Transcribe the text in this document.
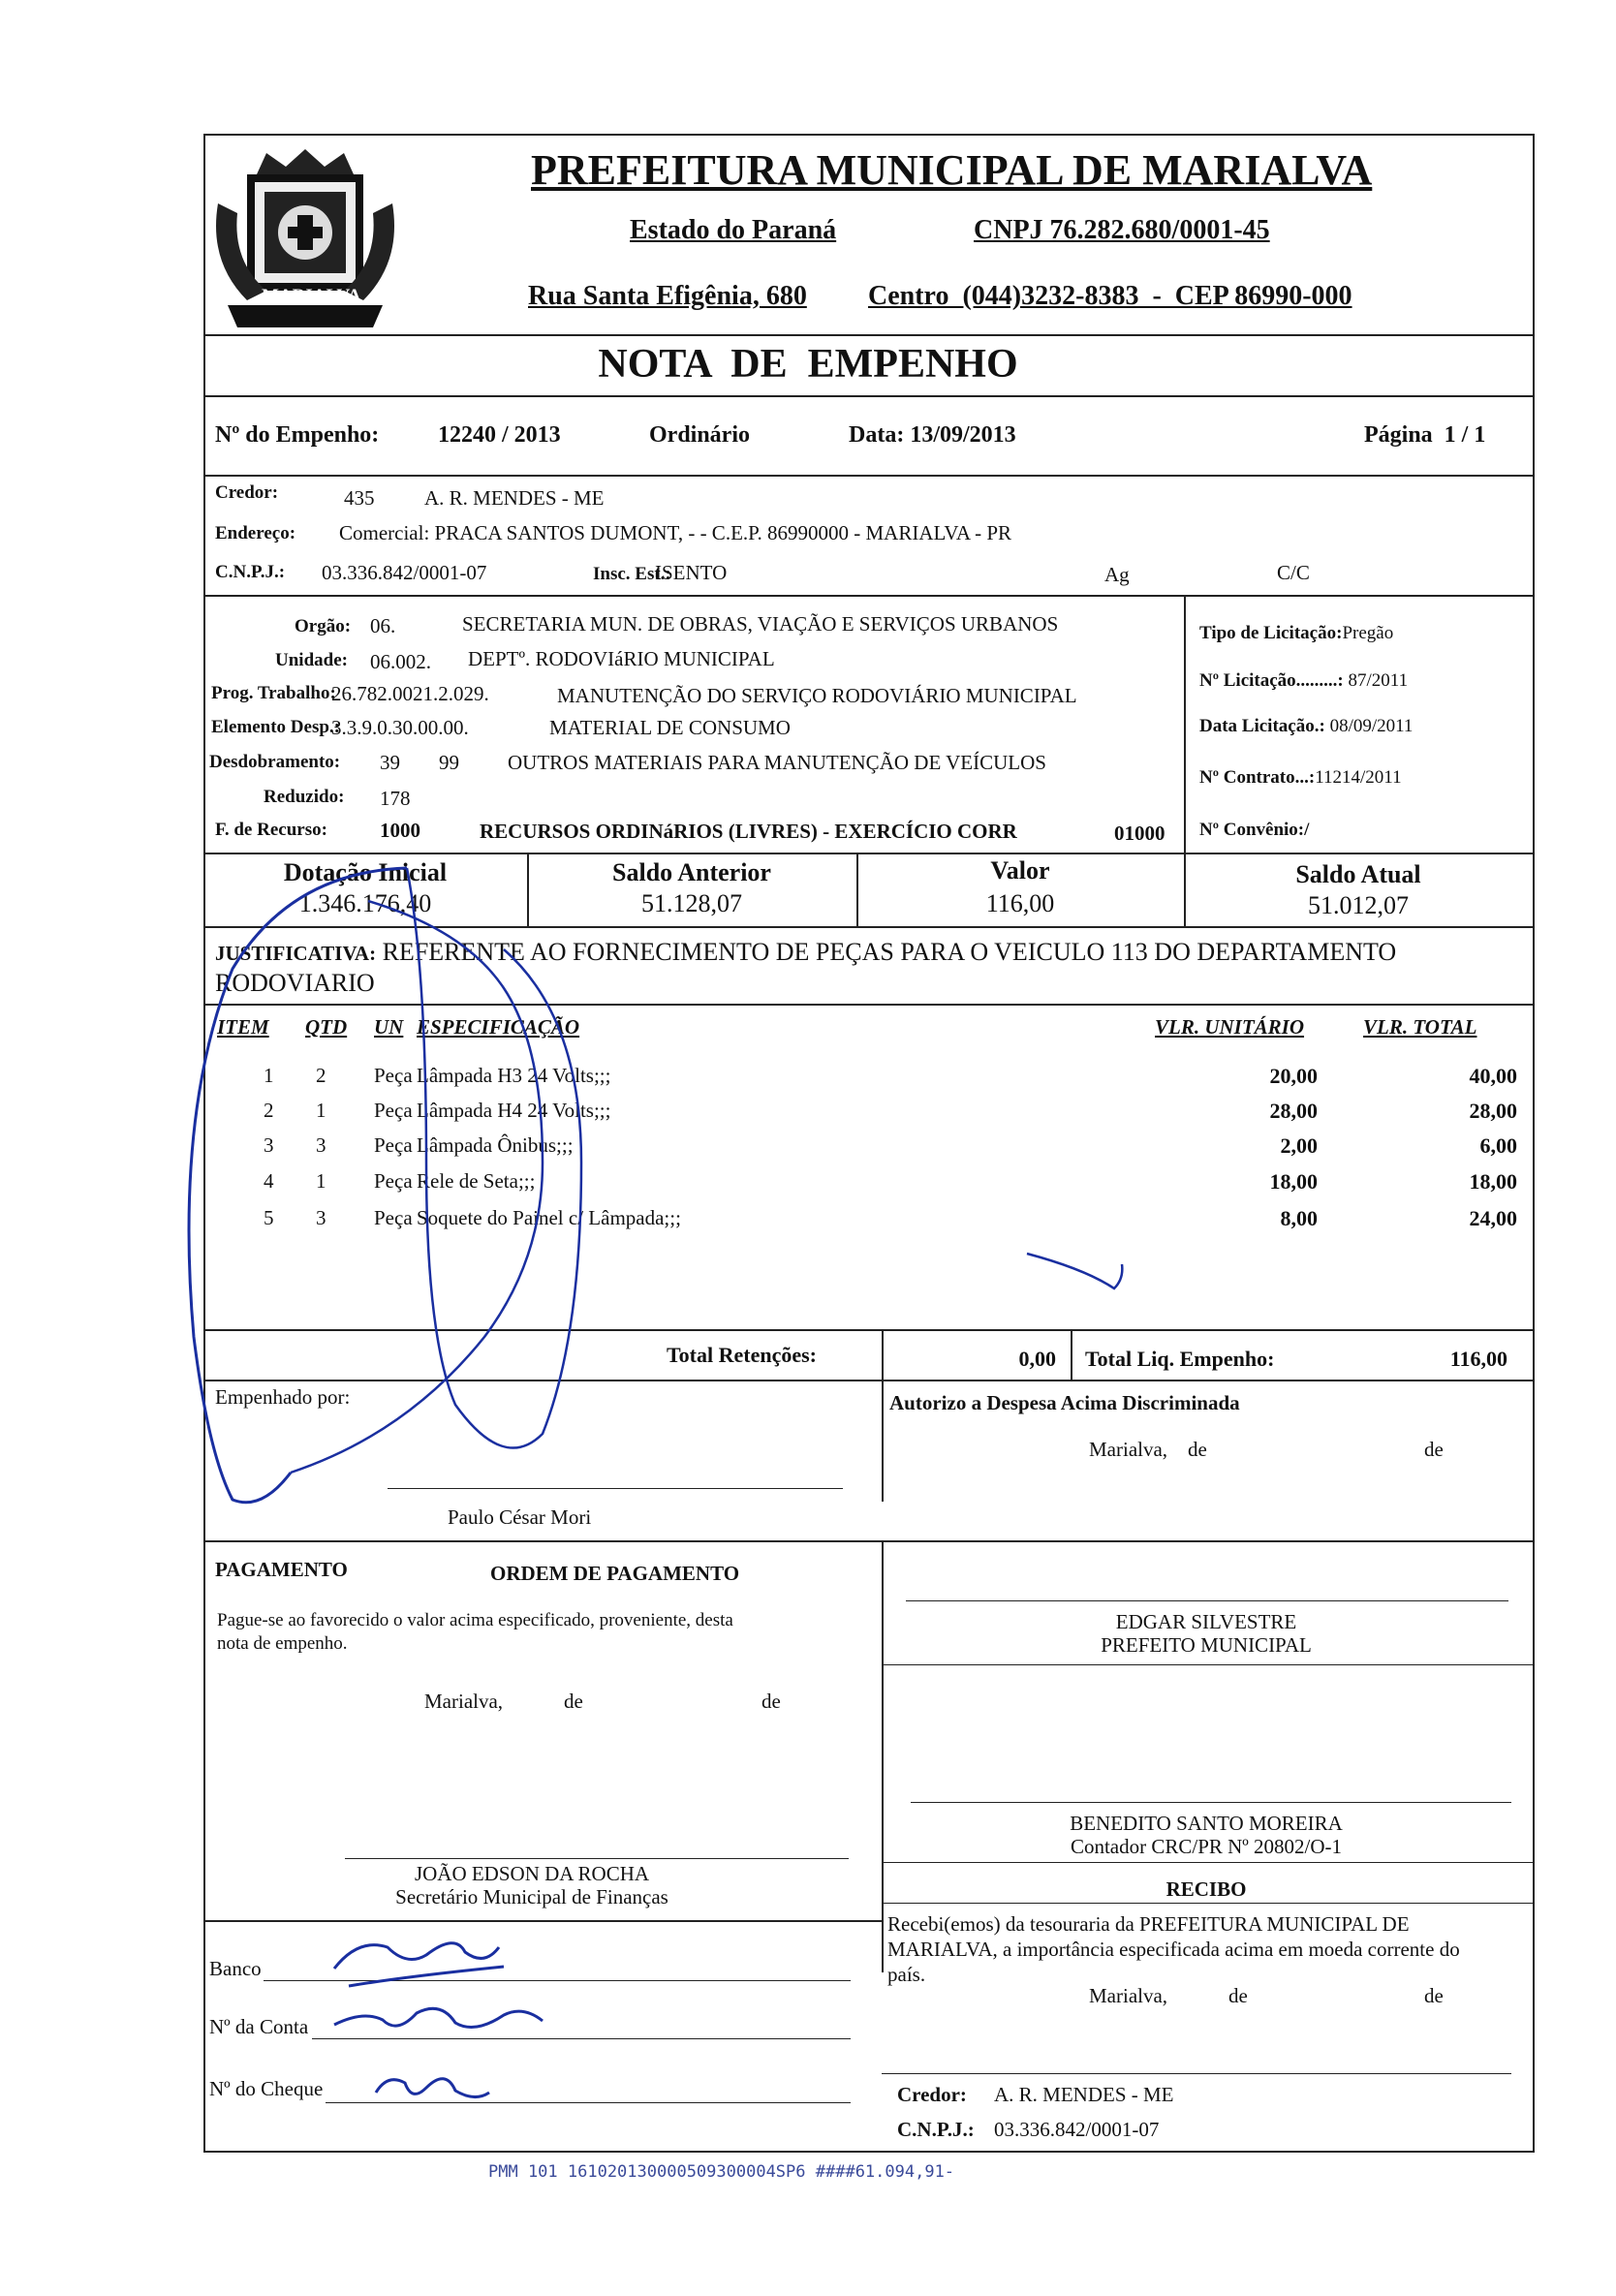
MARIALVA
PREFEITURA MUNICIPAL DE MARIALVA
Estado do Paraná	CNPJ 76.282.680/0001-45
Rua Santa Efigênia, 680 Centro  (044)3232-8383  -  CEP 86990-000
NOTA  DE  EMPENHO
Nº do Empenho:	12240 / 2013	Ordinário	Data: 13/09/2013	Página  1 / 1
Credor:	435 A. R. MENDES - ME
Endereço: Comercial: PRACA SANTOS DUMONT, - - C.E.P. 86990000 - MARIALVA - PR
C.N.P.J.: 03.336.842/0001-07	Insc. Est.:
ISENTO	Ag	C/C
Orgão: 06.	SECRETARIA MUN. DE OBRAS, VIAÇÃO E SERVIÇOS URBANOS
Unidade: 06.002. DEPTº. RODOVIáRIO MUNICIPAL
Prog. Trabalho:
26.782.0021.2.029.	MANUTENÇÃO DO SERVIÇO RODOVIÁRIO MUNICIPAL
Elemento Desp.:
3.3.9.0.30.00.00.	MATERIAL DE CONSUMO
Desdobramento: 39 99 OUTROS MATERIAIS PARA MANUTENÇÃO DE VEÍCULOS
Reduzido: 178
F. de Recurso:	1000	RECURSOS ORDINáRIOS (LIVRES) - EXERCÍCIO CORR	01000
Tipo de Licitação:Pregão
Nº Licitação.........: 87/2011
Data Licitação.: 08/09/2011
Nº Contrato...:11214/2011
Nº Convênio:/
Dotação Inicial
1.346.176,40
Saldo Anterior
51.128,07
Valor
116,00
Saldo Atual
51.012,07
JUSTIFICATIVA: REFERENTE AO FORNECIMENTO DE PEÇAS PARA O VEICULO 113 DO DEPARTAMENTO
RODOVIARIO
ITEM QTD UN ESPECIFICAÇÃO	VLR. UNITÁRIO	VLR. TOTAL
1 2 Peça Lâmpada H3 24 Volts;;;	20,00	40,00
2 1 Peça Lâmpada H4 24 Volts;;;	28,00	28,00
3 3 Peça Lâmpada Ônibus;;;	2,00	6,00
4 1 Peça Rele de Seta;;;	18,00	18,00
5 3 Peça Soquete do Painel c/ Lâmpada;;;	8,00	24,00
Total Retenções:	0,00 Total Liq. Empenho:	116,00
Empenhado por:	Autorizo a Despesa Acima Discriminada
Marialva, de	de
Paulo César Mori
PAGAMENTO	ORDEM DE PAGAMENTO
Pague-se ao favorecido o valor acima especificado, proveniente, desta
nota de empenho.
EDGAR SILVESTRE
PREFEITO MUNICIPAL
Marialva,	de	de
BENEDITO SANTO MOREIRA
Contador CRC/PR Nº 20802/O-1
RECIBO
Recebi(emos) da tesouraria da PREFEITURA MUNICIPAL DE
MARIALVA, a importância especificada acima em moeda corrente do
país.
Marialva,	de	de
JOÃO EDSON DA ROCHA
Secretário Municipal de Finanças
Banco
Nº da Conta
Nº do Cheque	Credor: A. R. MENDES - ME
C.N.P.J.: 03.336.842/0001-07
PMM 101 161020130000509300004SP6 ####61.094,91-
